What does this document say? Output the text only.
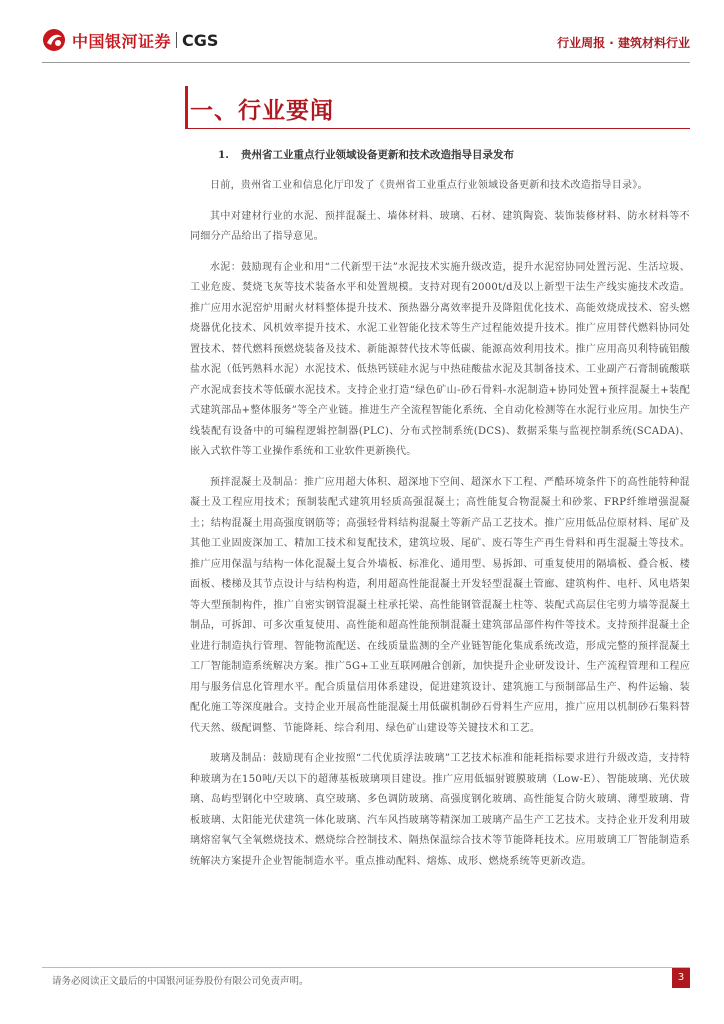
中国银河证券 CGS	行业周报 · 建筑材料行业
一、行业要闻
1. 贵州省工业重点行业领域设备更新和技术改造指导目录发布

日前，贵州省工业和信息化厅印发了《贵州省工业重点行业领域设备更新和技术改造指导目录》。

其中对建材行业的水泥、预拌混凝土、墙体材料、玻璃、石材、建筑陶瓷、装饰装修材料、防水材料等不同细分产品给出了指导意见。

水泥：鼓励现有企业和用“二代新型干法”水泥技术实施升级改造，提升水泥窑协同处置污泥、生活垃圾、工业危废、焚烧飞灰等技术装备水平和处置规模。支持对现有2000t/d及以上新型干法生产线实施技术改造。推广应用水泥窑炉用耐火材料整体提升技术、预热器分离效率提升及降阻优化技术、高能效烧成技术、窑头燃烧器优化技术、风机效率提升技术、水泥工业智能化技术等生产过程能效提升技术。推广应用替代燃料协同处置技术、替代燃料预燃烧装备及技术、新能源替代技术等低碳、能源高效利用技术。推广应用高贝利特硫铝酸盐水泥（低钙熟料水泥）水泥技术、低热钙镁硅水泥与中热硅酸盐水泥及其制备技术、工业副产石膏制硫酸联产水泥成套技术等低碳水泥技术。支持企业打造“绿色矿山-砂石骨料-水泥制造+协同处置+预拌混凝土+装配式建筑部品+整体服务”等全产业链。推进生产全流程智能化系统、全自动化检测等在水泥行业应用。加快生产线装配有设备中的可编程逻辑控制器(PLC)、分布式控制系统(DCS)、数据采集与监视控制系统(SCADA)、嵌入式软件等工业操作系统和工业软件更新换代。

预拌混凝土及制品：推广应用超大体积、超深地下空间、超深水下工程、严酷环境条件下的高性能特种混凝土及工程应用技术；预制装配式建筑用轻质高强混凝土；高性能复合物混凝土和砂浆、FRP纤维增强混凝土；结构混凝土用高强度钢筋等；高强轻骨料结构混凝土等新产品工艺技术。推广应用低品位原材料、尾矿及其他工业固废深加工、精加工技术和复配技术，建筑垃圾、尾矿、废石等生产再生骨料和再生混凝土等技术。推广应用保温与结构一体化混凝土复合外墙板、标准化、通用型、易拆卸、可重复使用的隔墙板、叠合板、楼面板、楼梯及其节点设计与结构构造，利用超高性能混凝土开发轻型混凝土管廊、建筑构件、电杆、风电塔架等大型预制构件，推广自密实钢管混凝土柱承托梁、高性能钢管混凝土柱等、装配式高层住宅剪力墙等混凝土制品，可拆卸、可多次重复使用、高性能和超高性能预制混凝土建筑部品部件构件等技术。支持预拌混凝土企业进行制造执行管理、智能物流配送、在线质量监测的全产业链智能化集成系统改造，形成完整的预拌混凝土工厂智能制造系统解决方案。推广5G+工业互联网融合创新，加快提升企业研发设计、生产流程管理和工程应用与服务信息化管理水平。配合质量信用体系建设，促进建筑设计、建筑施工与预制部品生产、构件运输、装配化施工等深度融合。支持企业开展高性能混凝土用低碳机制砂石骨料生产应用，推广应用以机制砂石集料替代天然、级配调整、节能降耗、综合利用、绿色矿山建设等关键技术和工艺。

玻璃及制品：鼓励现有企业按照“二代优质浮法玻璃”工艺技术标准和能耗指标要求进行升级改造，支持特种玻璃为在150吨/天以下的超薄基板玻璃项目建设。推广应用低辐射镀膜玻璃（Low-E）、智能玻璃、光伏玻璃、岛屿型钢化中空玻璃、真空玻璃、多色调防玻璃、高强度钢化玻璃、高性能复合防火玻璃、薄型玻璃、背板玻璃、太阳能光伏建筑一体化玻璃、汽车风挡玻璃等精深加工玻璃产品生产工艺技术。支持企业开发利用玻璃熔窑氧气全氧燃烧技术、燃烧综合控制技术、隔热保温综合技术等节能降耗技术。应用玻璃工厂智能制造系统解决方案提升企业智能制造水平。重点推动配料、熔炼、成形、燃烧系统等更新改造。

请务必阅读正文最后的中国银河证券股份有限公司免责声明。	3
